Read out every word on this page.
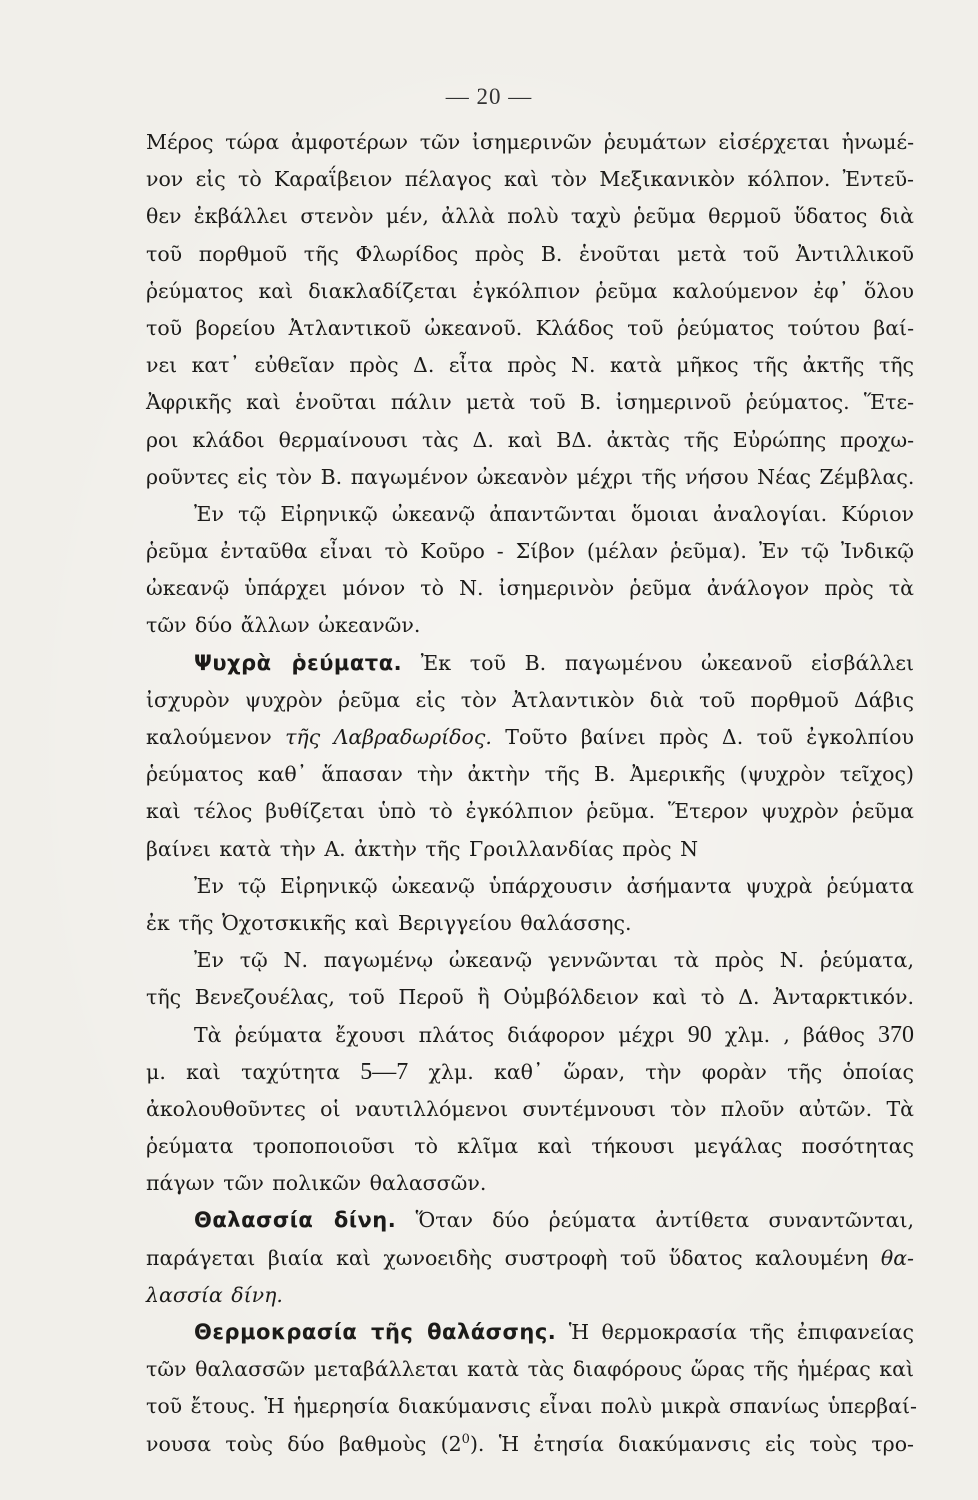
— 20 —
Μέρος τώρα ἀμφοτέρων τῶν ἰσημερινῶν ῥευμάτων εἰσέρχεται ἡνωμέ-
νον εἰς τὸ Καραΐβειον πέλαγος καὶ τὸν Μεξικανικὸν κόλπον. Ἐντεῦ-
θεν ἐκβάλλει στενὸν μέν, ἀλλὰ πολὺ ταχὺ ῥεῦμα θερμοῦ ὕδατος διὰ
τοῦ πορθμοῦ τῆς Φλωρίδος πρὸς Β. ἑνοῦται μετὰ τοῦ Ἀντιλλικοῦ
ῥεύματος καὶ διακλαδίζεται ἐγκόλπιον ῥεῦμα καλούμενον ἐφ᾽ ὅλου
τοῦ βορείου Ἀτλαντικοῦ ὠκεανοῦ. Κλάδος τοῦ ῥεύματος τούτου βαί-
νει κατ᾽ εὐθεῖαν πρὸς Δ. εἶτα πρὸς Ν. κατὰ μῆκος τῆς ἀκτῆς τῆς
Ἀφρικῆς καὶ ἑνοῦται πάλιν μετὰ τοῦ Β. ἰσημερινοῦ ῥεύματος. Ἕτε-
ροι κλάδοι θερμαίνουσι τὰς Δ. καὶ ΒΔ. ἀκτὰς τῆς Εὐρώπης προχω-
ροῦντες εἰς τὸν Β. παγωμένον ὠκεανὸν μέχρι τῆς νήσου Νέας Ζέμβλας.
Ἐν τῷ Εἰρηνικῷ ὠκεανῷ ἀπαντῶνται ὅμοιαι ἀναλογίαι. Κύριον
ῥεῦμα ἐνταῦθα εἶναι τὸ Κοῦρο - Σίβον (μέλαν ῥεῦμα). Ἐν τῷ Ἰνδικῷ
ὠκεανῷ ὑπάρχει μόνον τὸ Ν. ἰσημερινὸν ῥεῦμα ἀνάλογον πρὸς τὰ
τῶν δύο ἄλλων ὠκεανῶν.
Ψυχρὰ ῥεύματα. Ἐκ τοῦ Β. παγωμένου ὠκεανοῦ εἰσβάλλει
ἰσχυρὸν ψυχρὸν ῥεῦμα εἰς τὸν Ἀτλαντικὸν διὰ τοῦ πορθμοῦ Δάβις
καλούμενον τῆς Λαβραδωρίδος. Τοῦτο βαίνει πρὸς Δ. τοῦ ἐγκολπίου
ῥεύματος καθ᾽ ἅπασαν τὴν ἀκτὴν τῆς Β. Ἀμερικῆς (ψυχρὸν τεῖχος)
καὶ τέλος βυθίζεται ὑπὸ τὸ ἐγκόλπιον ῥεῦμα. Ἕτερον ψυχρὸν ῥεῦμα
βαίνει κατὰ τὴν Α. ἀκτὴν τῆς Γροιλλανδίας πρὸς Ν
Ἐν τῷ Εἰρηνικῷ ὠκεανῷ ὑπάρχουσιν ἀσήμαντα ψυχρὰ ῥεύματα
ἐκ τῆς Ὀχοτσκικῆς καὶ Βεριγγείου θαλάσσης.
Ἐν τῷ Ν. παγωμένῳ ὠκεανῷ γεννῶνται τὰ πρὸς Ν. ῥεύματα,
τῆς Βενεζουέλας, τοῦ Περοῦ ἢ Οὐμβόλδειον καὶ τὸ Δ. Ἀνταρκτικόν.
Τὰ ῥεύματα ἔχουσι πλάτος διάφορον μέχρι 90 χλμ. , βάθος 370
μ. καὶ ταχύτητα 5—7 χλμ. καθ᾽ ὥραν, τὴν φορὰν τῆς ὁποίας
ἀκολουθοῦντες οἱ ναυτιλλόμενοι συντέμνουσι τὸν πλοῦν αὐτῶν. Τὰ
ῥεύματα τροποποιοῦσι τὸ κλῖμα καὶ τήκουσι μεγάλας ποσότητας
πάγων τῶν πολικῶν θαλασσῶν.
Θαλασσία δίνη. Ὅταν δύο ῥεύματα ἀντίθετα συναντῶνται,
παράγεται βιαία καὶ χωνοειδὴς συστροφὴ τοῦ ὕδατος καλουμένη θα-
λασσία δίνη.
Θερμοκρασία τῆς θαλάσσης. Ἡ θερμοκρασία τῆς ἐπιφανείας
τῶν θαλασσῶν μεταβάλλεται κατὰ τὰς διαφόρους ὥρας τῆς ἡμέρας καὶ
τοῦ ἔτους. Ἡ ἡμερησία διακύμανσις εἶναι πολὺ μικρὰ σπανίως ὑπερβαί-
νουσα τοὺς δύο βαθμοὺς $(2^0)$. Ἡ ἐτησία διακύμανσις εἰς τοὺς τρο-
